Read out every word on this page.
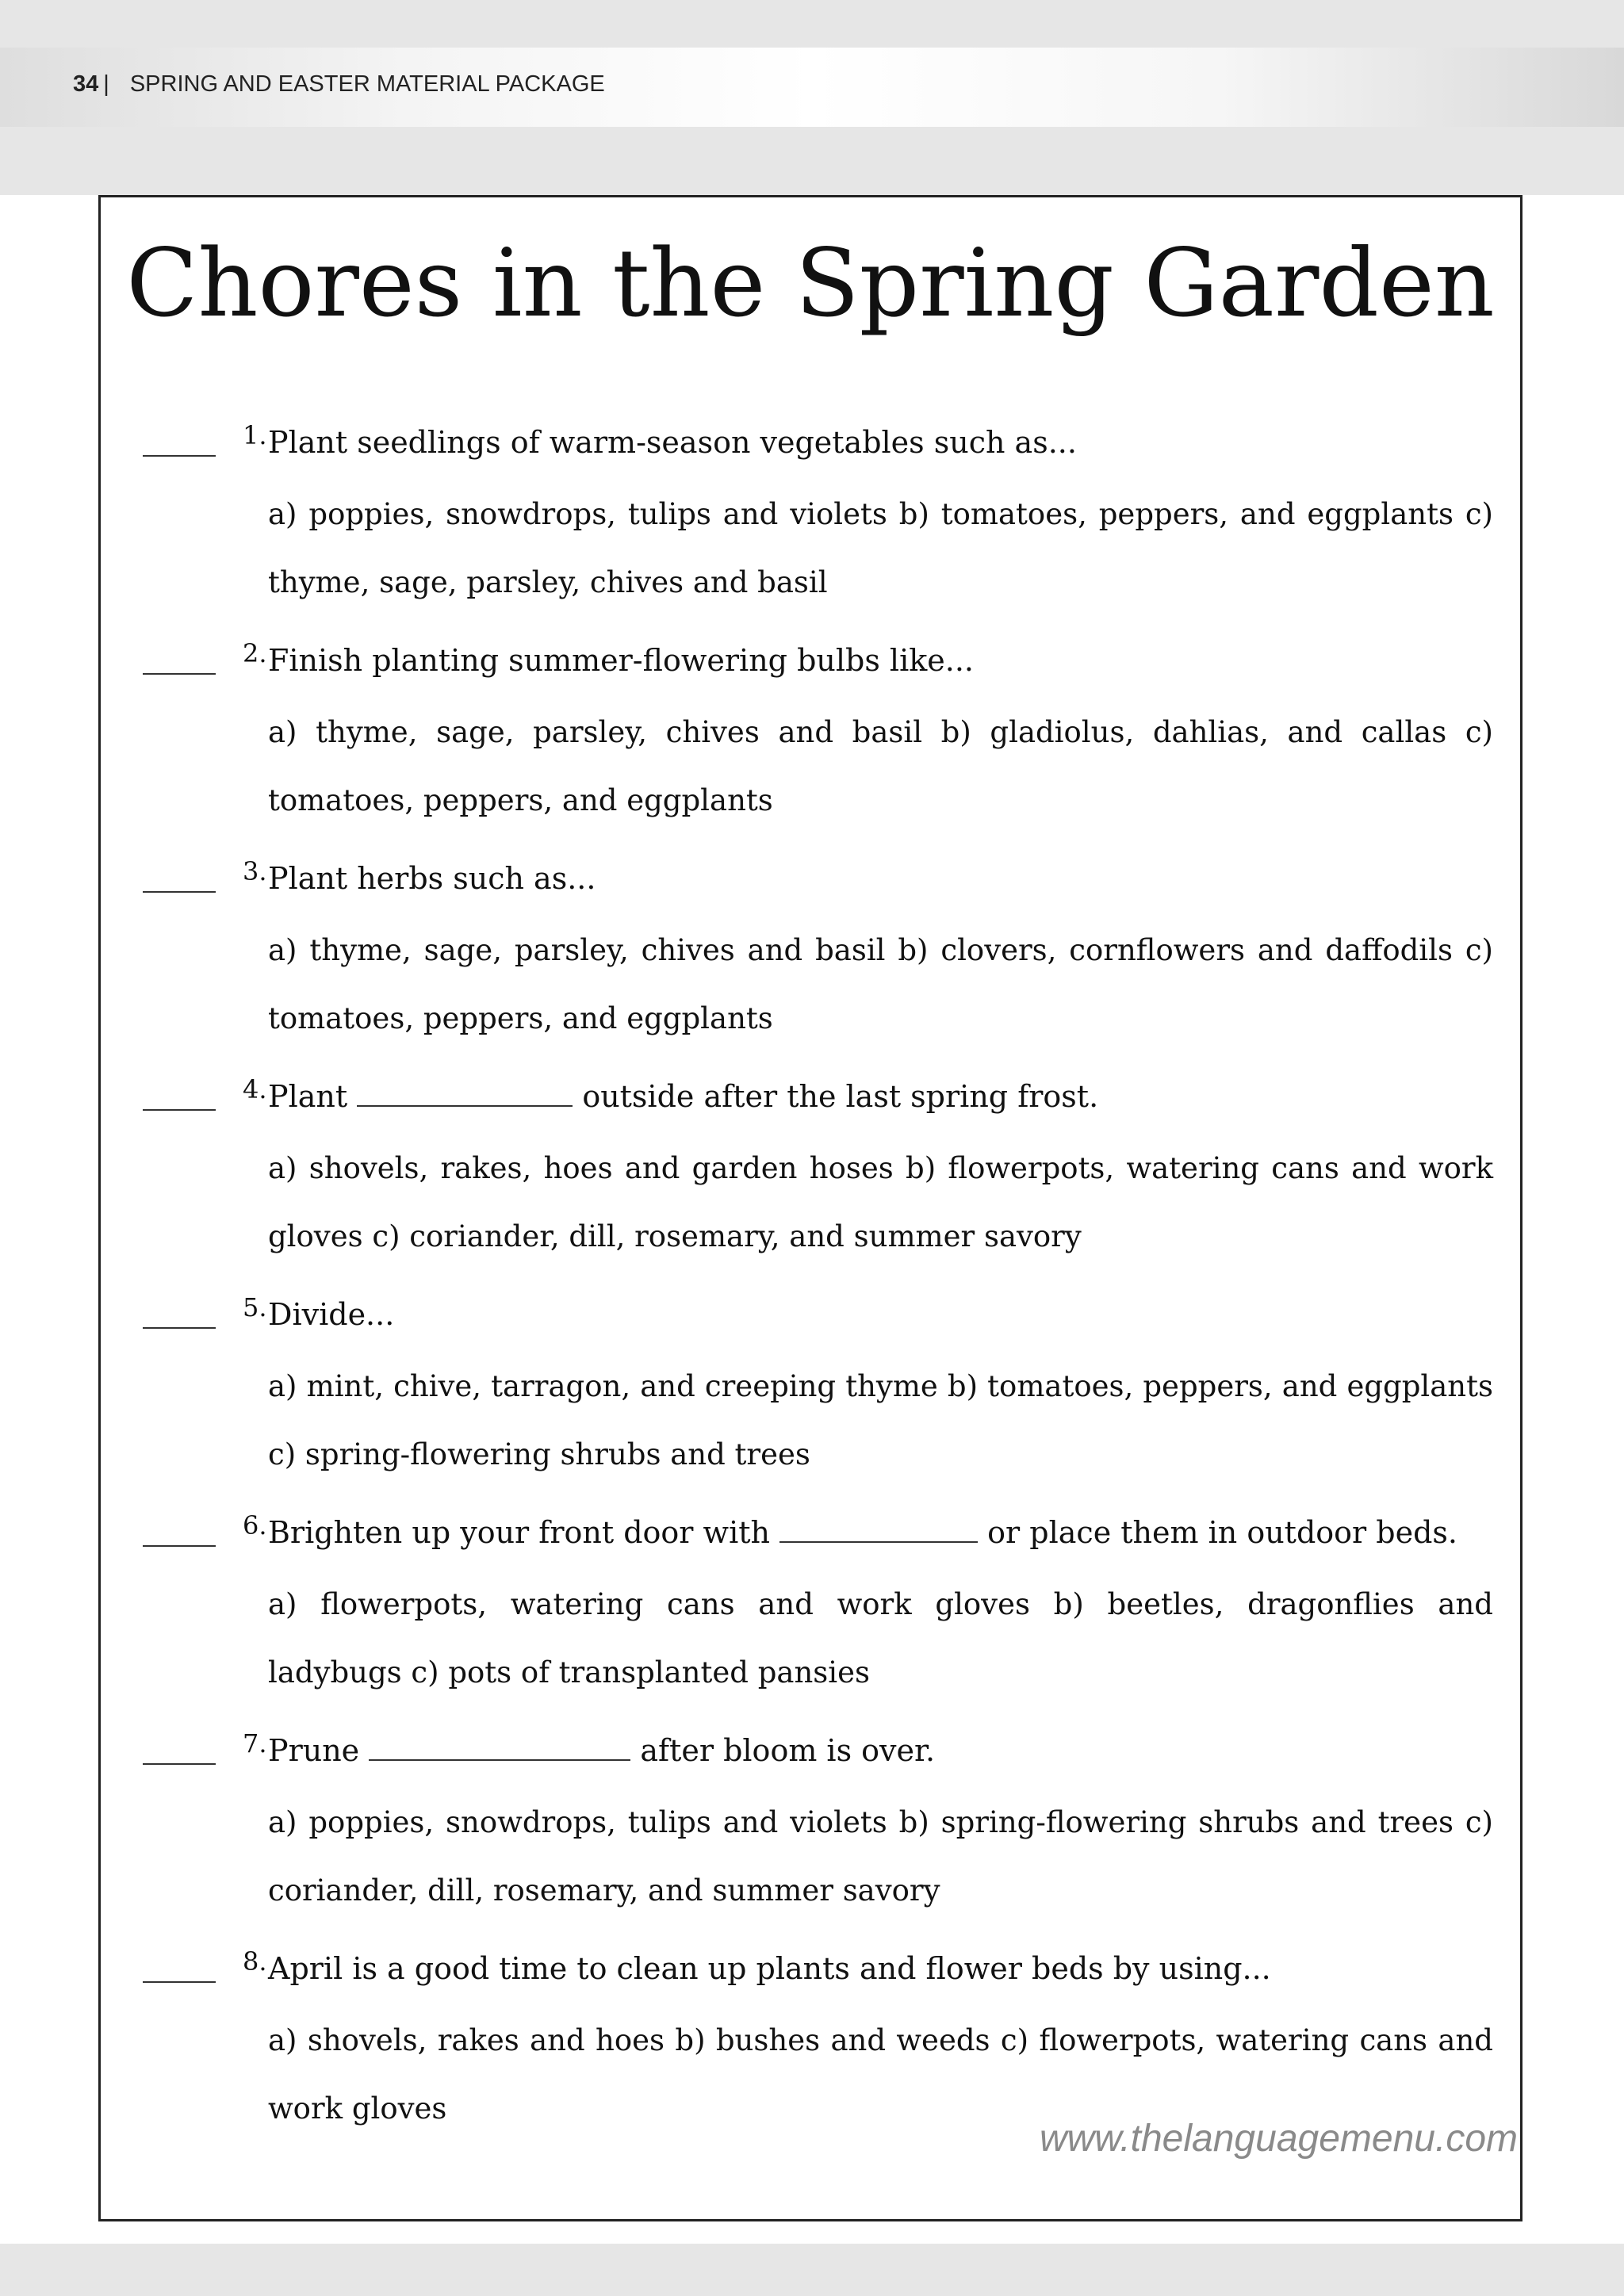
34 | SPRING AND EASTER MATERIAL PACKAGE
Chores in the Spring Garden
1. Plant seedlings of warm-season vegetables such as...
a) poppies, snowdrops, tulips and violets b) tomatoes, peppers, and eggplants c) thyme, sage, parsley, chives and basil
2. Finish planting summer-flowering bulbs like...
a) thyme, sage, parsley, chives and basil b) gladiolus, dahlias, and callas c) tomatoes, peppers, and eggplants
3. Plant herbs such as...
a) thyme, sage, parsley, chives and basil b) clovers, cornflowers and daffodils c) tomatoes, peppers, and eggplants
4. Plant	outside after the last spring frost.
a) shovels, rakes, hoes and garden hoses b) flowerpots, watering cans and work gloves c) coriander, dill, rosemary, and summer savory
5. Divide...
a) mint, chive, tarragon, and creeping thyme b) tomatoes, peppers, and eggplants c) spring-flowering shrubs and trees
6. Brighten up your front door with	or place them in outdoor beds.
a) flowerpots, watering cans and work gloves b) beetles, dragonflies and ladybugs c) pots of transplanted pansies
7. Prune	after bloom is over.
a) poppies, snowdrops, tulips and violets b) spring-flowering shrubs and trees c) coriander, dill, rosemary, and summer savory
8. April is a good time to clean up plants and flower beds by using...
a) shovels, rakes and hoes b) bushes and weeds c) flowerpots, watering cans and work gloves
www.thelanguagemenu.com
